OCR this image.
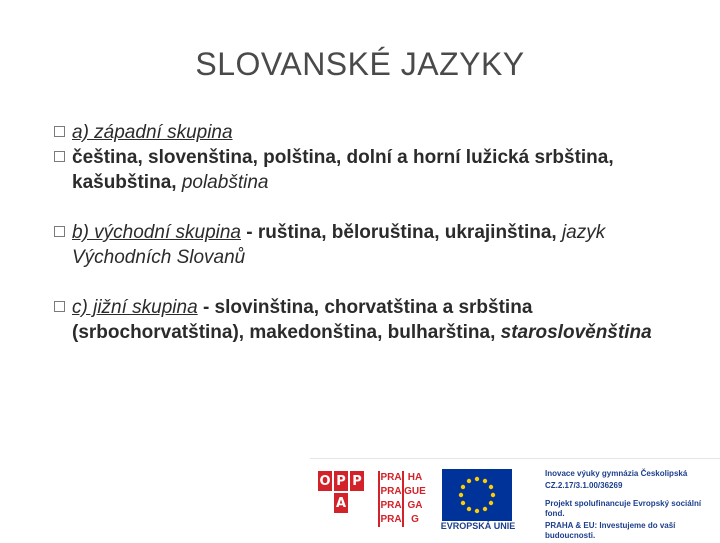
SLOVANSKÉ JAZYKY
a) západní skupina
čeština, slovenština, polština, dolní a horní lužická srbština,
kašubština, polabština
b) východní skupina - ruština, běloruština, ukrajinština, jazyk Východních Slovanů
c) jižní skupina - slovinština, chorvatština a srbština (srbochorvatština), makedonština, bulharština, staroslověnština
O P P
A
PRA HA
PRA GUE
PRA GA
PRA G
EVROPSKÁ UNIE
Inovace výuky gymnázia Českolipská
CZ.2.17/3.1.00/36269
Projekt spolufinancuje Evropský sociální fond.
PRAHA & EU: Investujeme do vaší budoucnosti.
